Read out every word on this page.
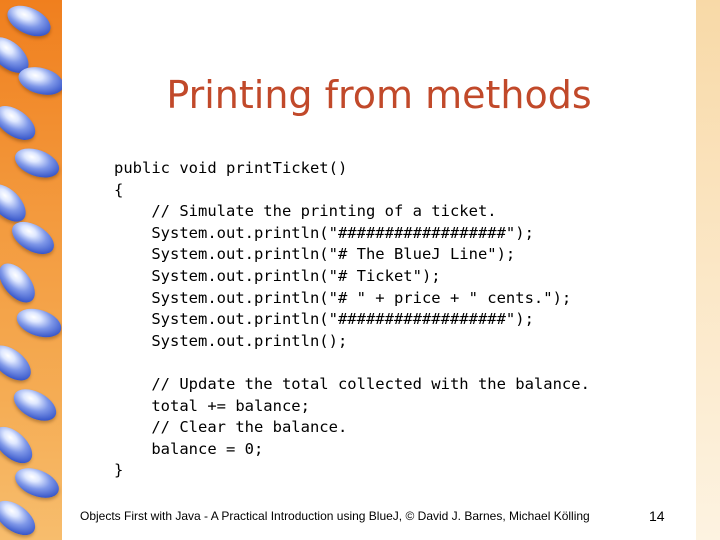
Printing from methods
public void printTicket()
{
// Simulate the printing of a ticket.
System.out.println("##################");
System.out.println("# The BlueJ Line");
System.out.println("# Ticket");
System.out.println("# " + price + " cents.");
System.out.println("##################");
System.out.println();
// Update the total collected with the balance.
total += balance;
// Clear the balance.
balance = 0;
}
Objects First with Java - A Practical Introduction using BlueJ, © David J. Barnes, Michael Kölling	14
